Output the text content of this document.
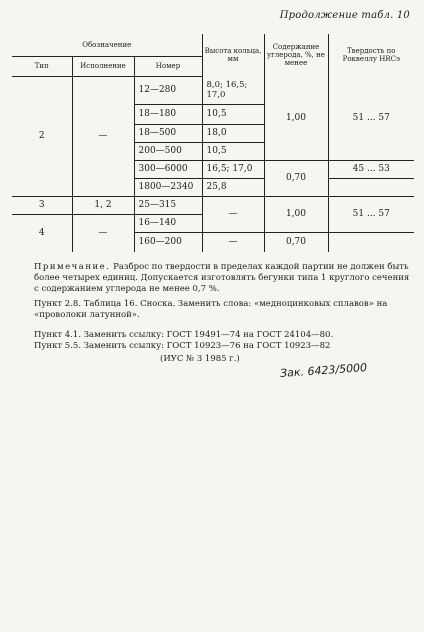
Продолжение табл. 10
Обозначение			Высота кольца, мм	Содержание углерода, %, не менее	Твердость по Роквеллу HRCэ
Тип	Исполнение	Номер			
2	—	12—280	8,0; 16,5; 17,0	1,00	51 ... 57
		18—180	10,5		
		18—500	18,0		
		200—500	10,5		
		300—6000	16,5; 17,0	0,70	45 ... 53
		1800—2340	25,8		
3	1, 2	25—315	—	1,00	51 ... 57
4	—	16—140			
		160—200	—	0,70	
Примечание. Разброс по твердости в пределах каждой партии не должен быть более четырех единиц. Допускается изготовлять бегунки типа 1 круглого сечения с содержанием углерода не менее 0,7 %.
Пункт 2.8. Таблица 16. Сноска. Заменить слова: «медноцинковых сплавов» на «проволоки латунной».
Пункт 4.1. Заменить ссылку: ГОСТ 19491—74 на ГОСТ 24104—80.
Пункт 5.5. Заменить ссылку: ГОСТ 10923—76 на ГОСТ 10923—82
(ИУС № 3 1985 г.)
Зак. 6423/5000
